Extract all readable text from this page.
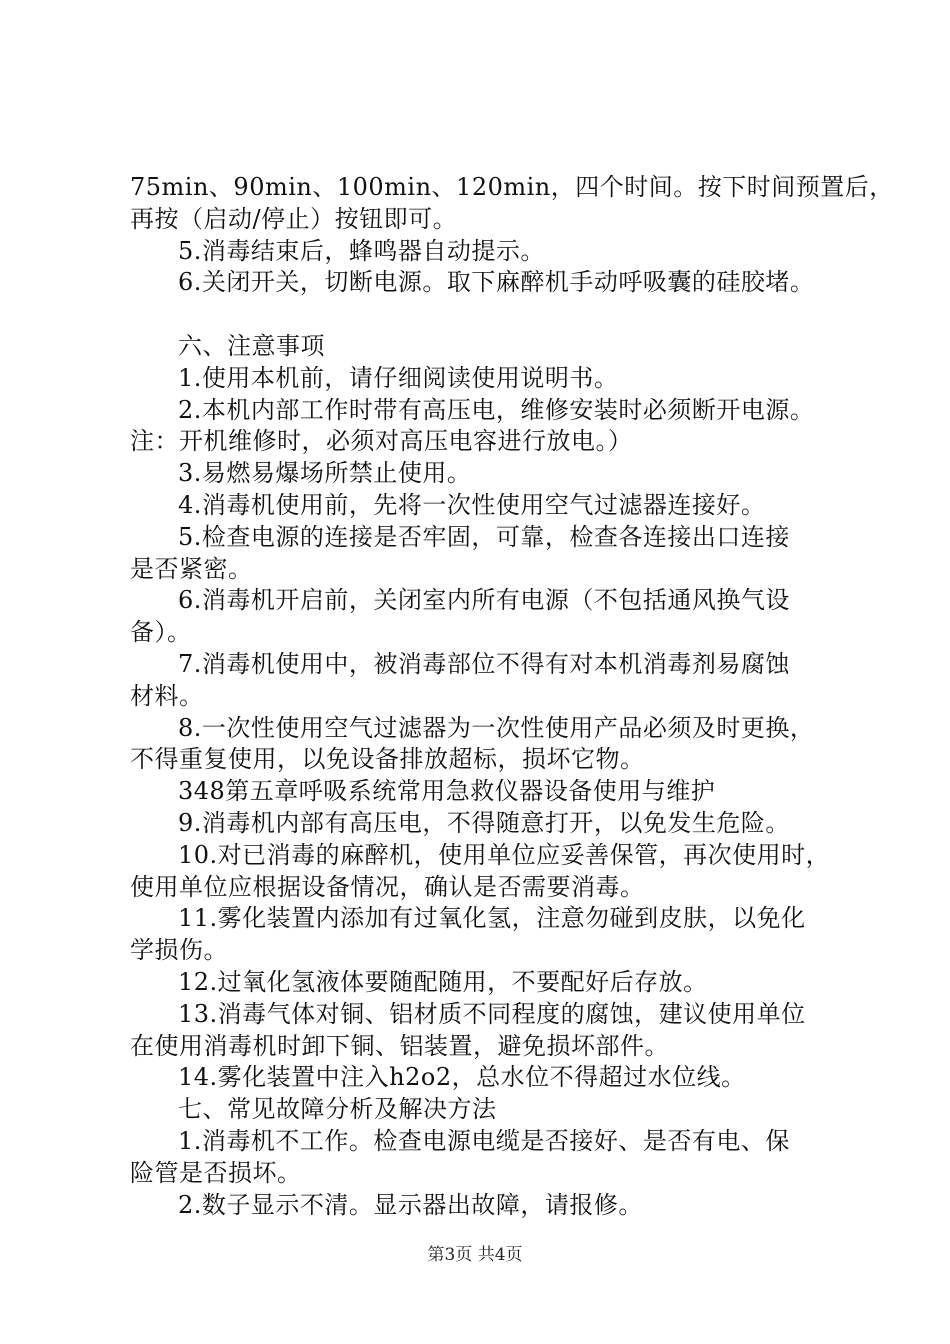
75min、90min、100min、120min，四个时间。按下时间预置后，
再按（启动/停止）按钮即可。
5.消毒结束后，蜂鸣器自动提示。
6.关闭开关，切断电源。取下麻醉机手动呼吸囊的硅胶堵。
六、注意事项
1.使用本机前，请仔细阅读使用说明书。
2.本机内部工作时带有高压电，维修安装时必须断开电源。
注：开机维修时，必须对高压电容进行放电。）
3.易燃易爆场所禁止使用。
4.消毒机使用前，先将一次性使用空气过滤器连接好。
5.检查电源的连接是否牢固，可靠，检查各连接出口连接
是否紧密。
6.消毒机开启前，关闭室内所有电源（不包括通风换气设
备）。
7.消毒机使用中，被消毒部位不得有对本机消毒剂易腐蚀
材料。
8.一次性使用空气过滤器为一次性使用产品必须及时更换，
不得重复使用，以免设备排放超标，损坏它物。
348第五章呼吸系统常用急救仪器设备使用与维护
9.消毒机内部有高压电，不得随意打开，以免发生危险。
10.对已消毒的麻醉机，使用单位应妥善保管，再次使用时，
使用单位应根据设备情况，确认是否需要消毒。
11.雾化装置内添加有过氧化氢，注意勿碰到皮肤，以免化
学损伤。
12.过氧化氢液体要随配随用，不要配好后存放。
13.消毒气体对铜、铝材质不同程度的腐蚀，建议使用单位
在使用消毒机时卸下铜、铝装置，避免损坏部件。
14.雾化装置中注入h2o2，总水位不得超过水位线。
七、常见故障分析及解决方法
1.消毒机不工作。检查电源电缆是否接好、是否有电、保
险管是否损坏。
2.数子显示不清。显示器出故障，请报修。
第3页 共4页
